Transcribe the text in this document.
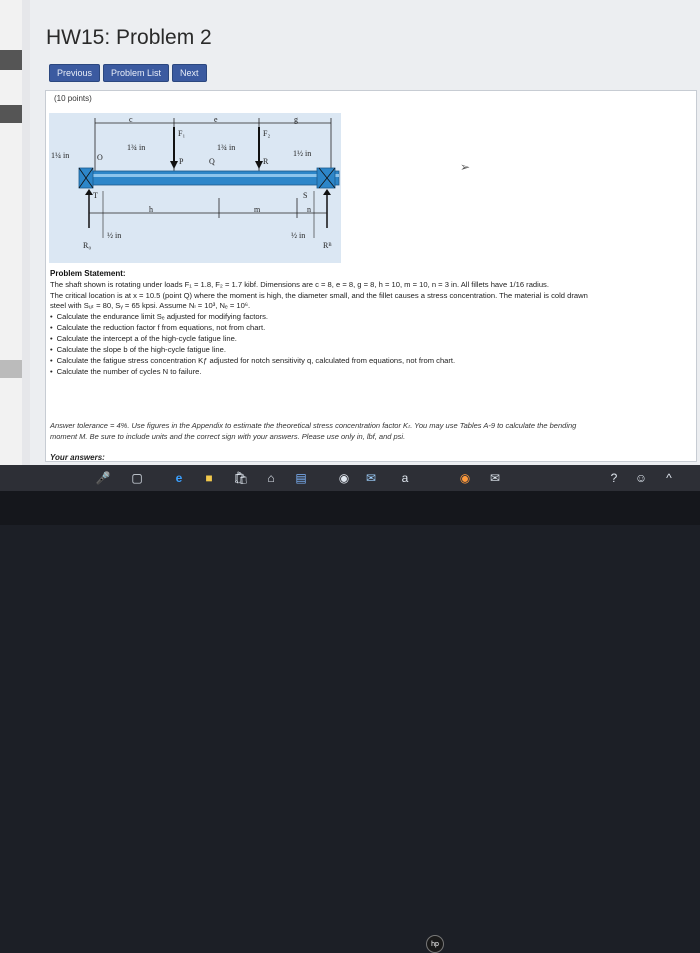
HW15: Problem 2
Previous	Problem List	Next
(10 points)
c	e	g
F₁	F₂
1¼ in	O
1¾ in	1¾ in
P	Q	R
1½ in
S
T
h	m	n
½ in	½ in
R₀	Rᴮ
Problem Statement:
The shaft shown is rotating under loads F₁ = 1.8, F₂ = 1.7 kibf. Dimensions are c = 8, e = 8, g = 8, h = 10, m = 10, n = 3 in. All fillets have 1/16 radius.
The critical location is at x = 10.5 (point Q) where the moment is high, the diameter small, and the fillet causes a stress concentration. The material is cold drawn
steel with Sᵤₜ = 80, Sᵧ = 65 kpsi. Assume Nₗ = 10³, Nₑ = 10⁶.
• Calculate the endurance limit Sₑ adjusted for modifying factors.
• Calculate the reduction factor f from equations, not from chart.
• Calculate the intercept a of the high-cycle fatigue line.
• Calculate the slope b of the high-cycle fatigue line.
• Calculate the fatigue stress concentration Kƒ adjusted for notch sensitivity q, calculated from equations, not from chart.
• Calculate the number of cycles N to failure.
Answer tolerance = 4%. Use figures in the Appendix to estimate the theoretical stress concentration factor Kₜ. You may use Tables A-9 to calculate the bending
moment M. Be sure to include units and the correct sign with your answers. Please use only in, lbf, and psi.
Your answers:
➢
🎤 ▢	e	■	🛍	⌂	▤	◉	✉	a
hp
◉	✉	?	☺	^
